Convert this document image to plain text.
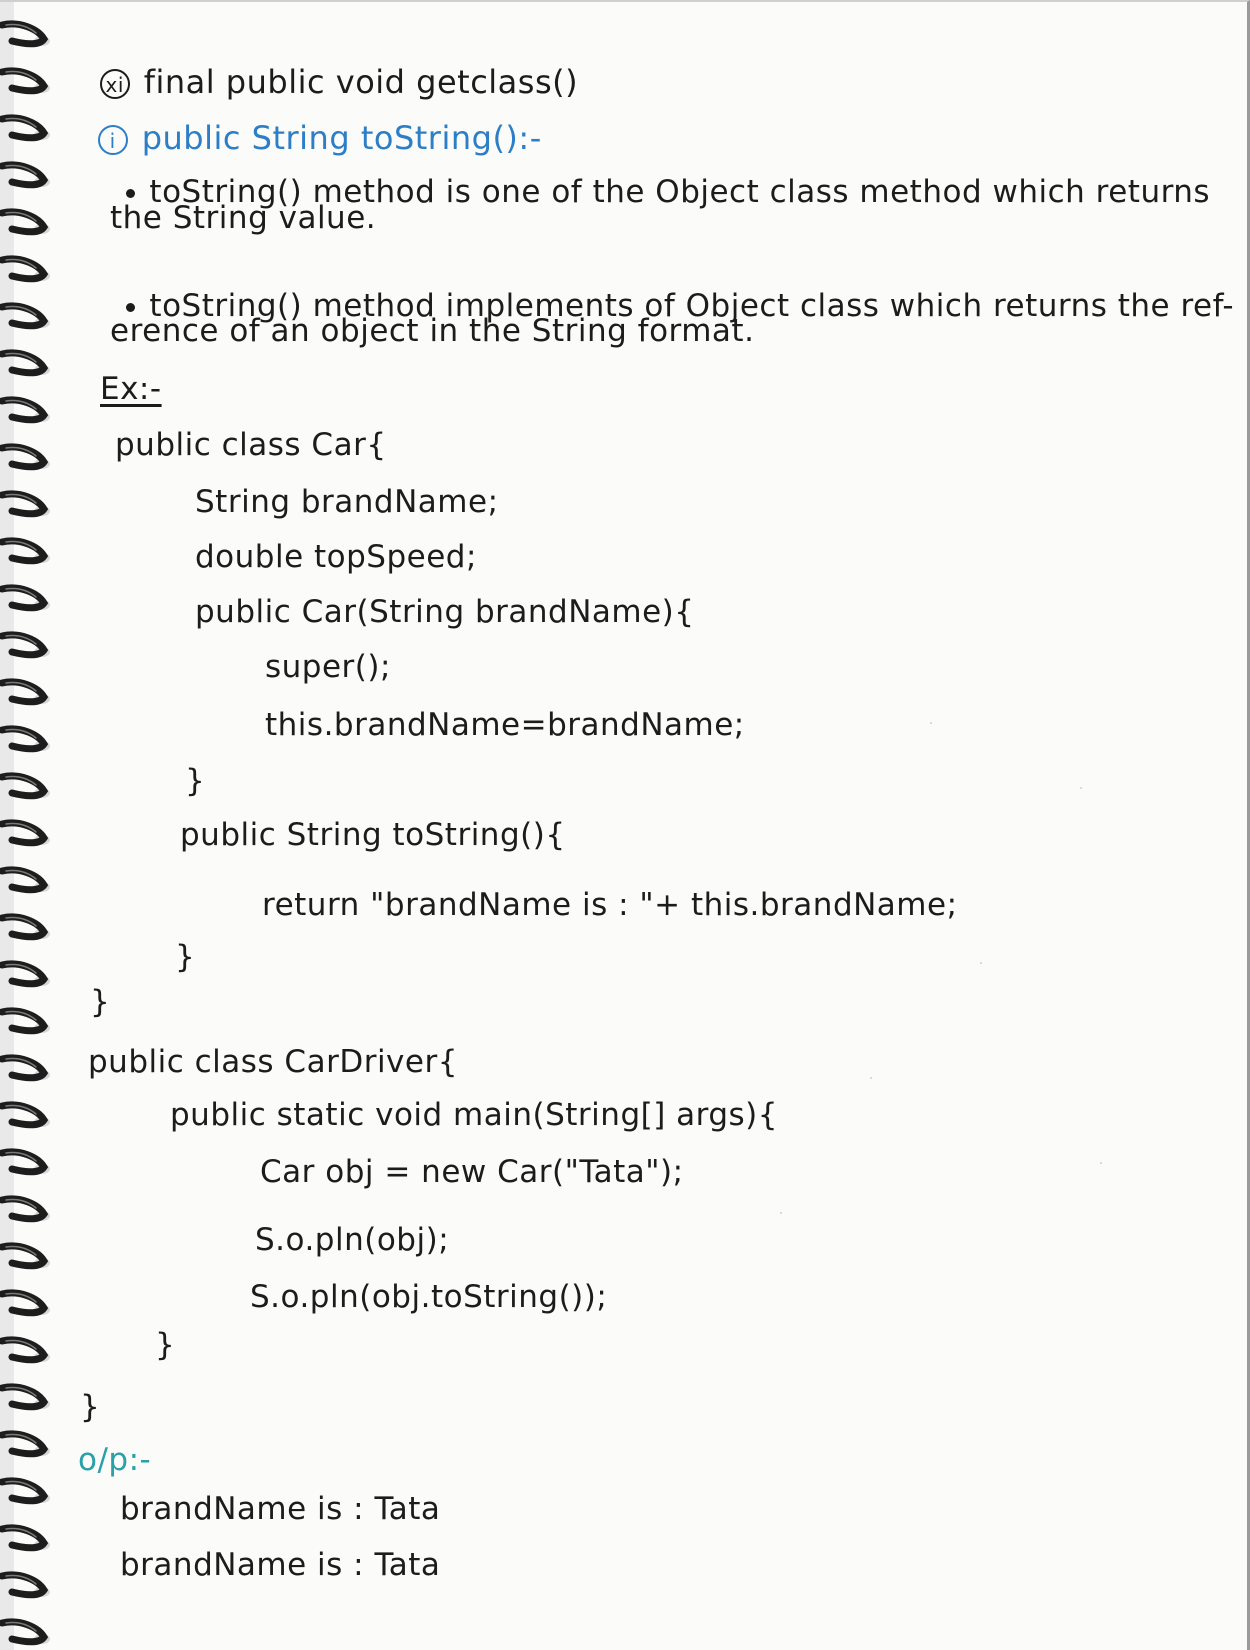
xi final public void getclass()

i public String toString():-

toString() method is one of the Object class method which returns

the String value.

toString() method implements of Object class which returns the ref-

erence of an object in the String format.
Ex:-
public class Car{
String brandName;
double topSpeed;
public Car(String brandName){
super();
this.brandName=brandName;
}
public String toString(){
return "brandName is : "+ this.brandName;
}
}
public class CarDriver{
public static void main(String[] args){
Car obj = new Car("Tata");
S.o.pln(obj);
S.o.pln(obj.toString());
}
}
o/p:-
brandName is : Tata
brandName is : Tata
